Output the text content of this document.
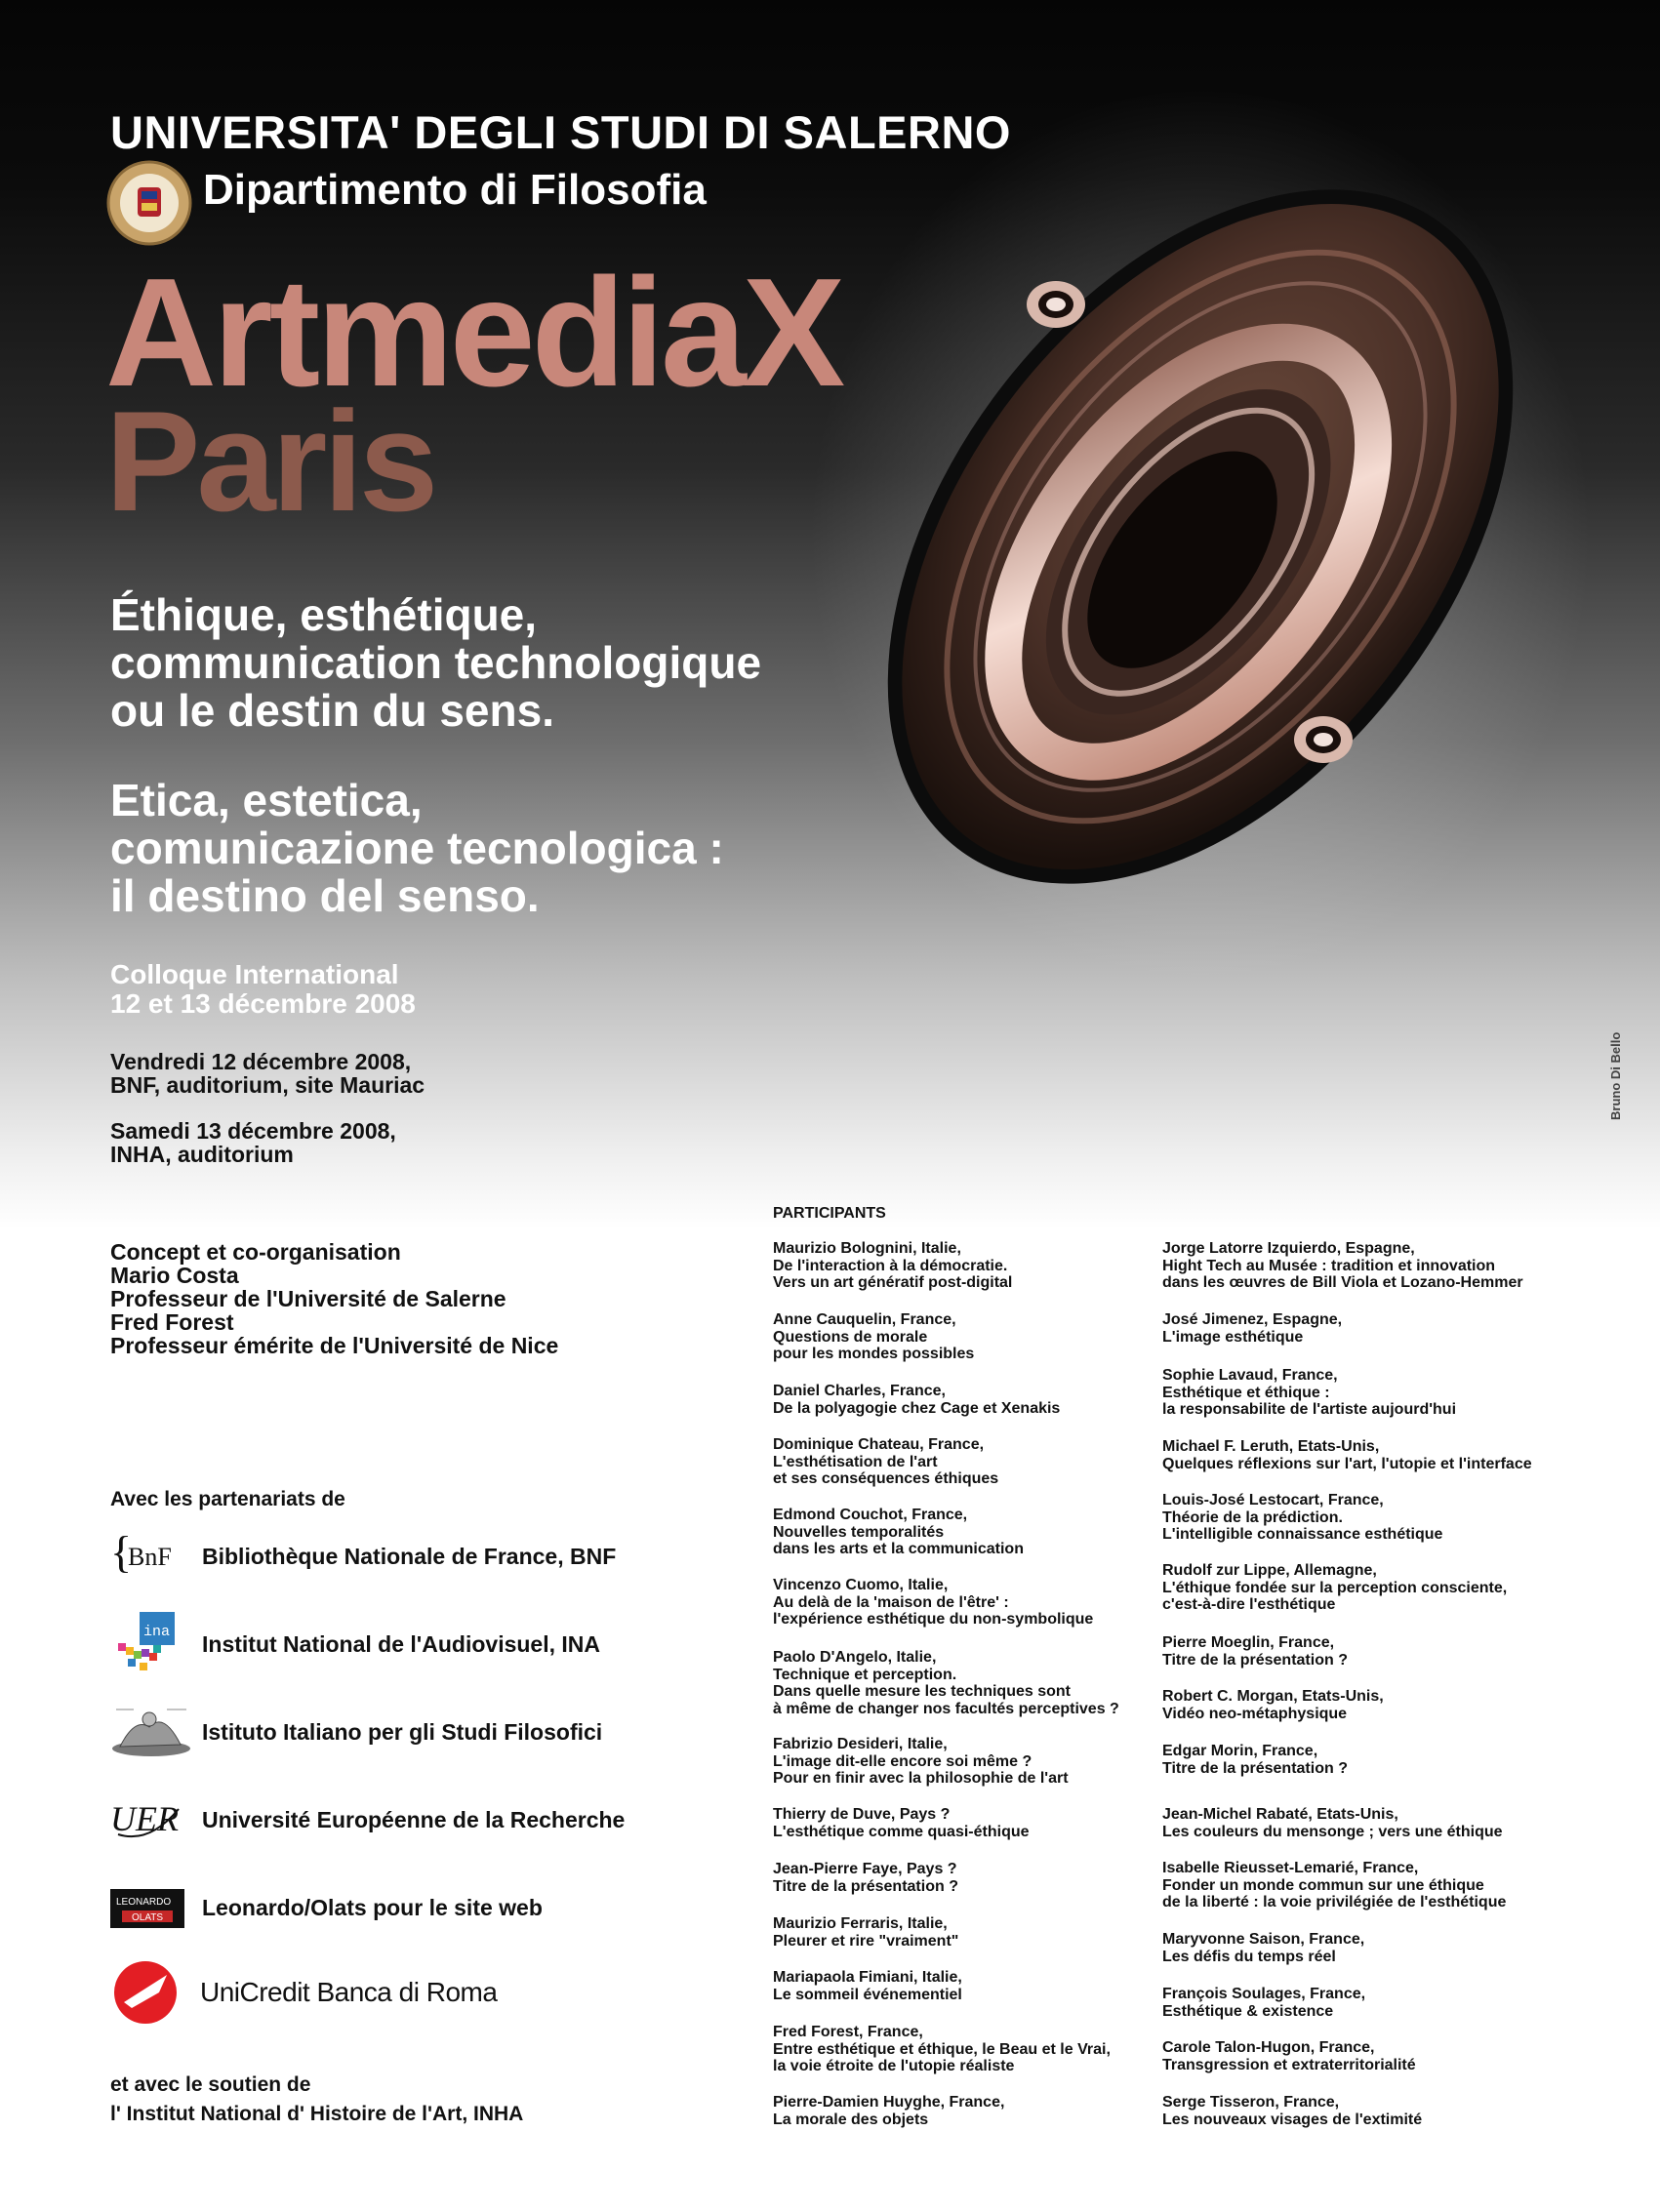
UNIVERSITA' DEGLI STUDI DI SALERNO
Dipartimento di Filosofia
ArtmediaX
Paris
Éthique, esthétique,
communication technologique
ou le destin du sens.
Etica, estetica,
comunicazione tecnologica :
il destino del senso.
Colloque International
12 et 13 décembre 2008
Vendredi 12 décembre 2008,
BNF, auditorium, site Mauriac
Samedi 13 décembre 2008,
INHA, auditorium
Bruno Di Bello
Concept et co-organisation
Mario Costa
Professeur de l'Université de Salerne
Fred Forest
Professeur émérite de l'Université de Nice
Avec les partenariats de
{
BnF Bibliothèque Nationale de France, BNF
ina Institut National de l'Audiovisuel, INA
Istituto Italiano per gli Studi Filosofici
UER Université Européenne de la Recherche
LEONARDO
OLATS Leonardo/Olats pour le site web
UniCredit Banca di Roma
et avec le soutien de
l' Institut National d' Histoire de l'Art, INHA
PARTICIPANTS
Maurizio Bolognini, Italie,
De l'interaction à la démocratie.
Vers un art génératif post-digital
Anne Cauquelin, France,
Questions de morale
pour les mondes possibles
Daniel Charles, France,
De la polyagogie chez Cage et Xenakis
Dominique Chateau, France,
L'esthétisation de l'art
et ses conséquences éthiques
Edmond Couchot, France,
Nouvelles temporalités
dans les arts et la communication
Vincenzo Cuomo, Italie,
Au delà de la 'maison de l'être' :
l'expérience esthétique du non-symbolique
Paolo D'Angelo, Italie,
Technique et perception.
Dans quelle mesure les techniques sont
à même de changer nos facultés perceptives ?
Fabrizio Desideri, Italie,
L'image dit-elle encore soi même ?
Pour en finir avec la philosophie de l'art
Thierry de Duve, Pays ?
L'esthétique comme quasi-éthique
Jean-Pierre Faye, Pays ?
Titre de la présentation ?
Maurizio Ferraris, Italie,
Pleurer et rire "vraiment"
Mariapaola Fimiani, Italie,
Le sommeil événementiel
Fred Forest, France,
Entre esthétique et éthique, le Beau et le Vrai,
la voie étroite de l'utopie réaliste
Pierre-Damien Huyghe, France,
La morale des objets
Jorge Latorre Izquierdo, Espagne,
Hight Tech au Musée : tradition et innovation
dans les œuvres de Bill Viola et Lozano-Hemmer
José Jimenez, Espagne,
L'image esthétique
Sophie Lavaud, France,
Esthétique et éthique :
la responsabilite de l'artiste aujourd'hui
Michael F. Leruth, Etats-Unis,
Quelques réflexions sur l'art, l'utopie et l'interface
Louis-José Lestocart, France,
Théorie de la prédiction.
L'intelligible connaissance esthétique
Rudolf zur Lippe, Allemagne,
L'éthique fondée sur la perception consciente,
c'est-à-dire l'esthétique
Pierre Moeglin, France,
Titre de la présentation ?
Robert C. Morgan, Etats-Unis,
Vidéo neo-métaphysique
Edgar Morin, France,
Titre de la présentation ?
Jean-Michel Rabaté, Etats-Unis,
Les couleurs du mensonge ; vers une éthique
Isabelle Rieusset-Lemarié, France,
Fonder un monde commun sur une éthique
de la liberté : la voie privilégiée de l'esthétique
Maryvonne Saison, France,
Les défis du temps réel
François Soulages, France,
Esthétique & existence
Carole Talon-Hugon, France,
Transgression et extraterritorialité
Serge Tisseron, France,
Les nouveaux visages de l'extimité
